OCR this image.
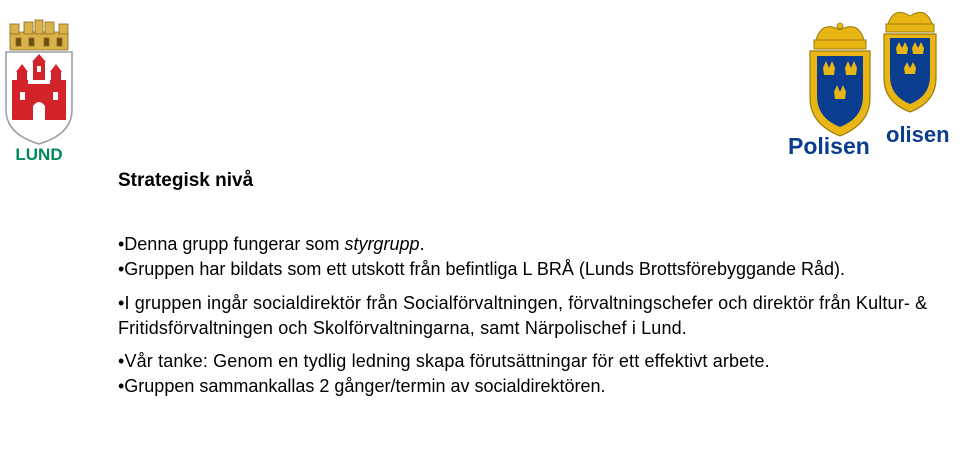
LUND
olisen
Polisen
Strategisk nivå

•Denna grupp fungerar som styrgrupp.

•Gruppen har bildats som ett utskott från befintliga L BRÅ (Lunds Brottsförebyggande Råd).

•I gruppen ingår socialdirektör från Socialförvaltningen, förvaltningschefer och direktör från Kultur- & Fritidsförvaltningen och Skolförvaltningarna, samt Närpolischef i Lund.

•Vår tanke: Genom en tydlig ledning skapa förutsättningar för ett effektivt arbete.

•Gruppen sammankallas 2 gånger/termin av socialdirektören.
